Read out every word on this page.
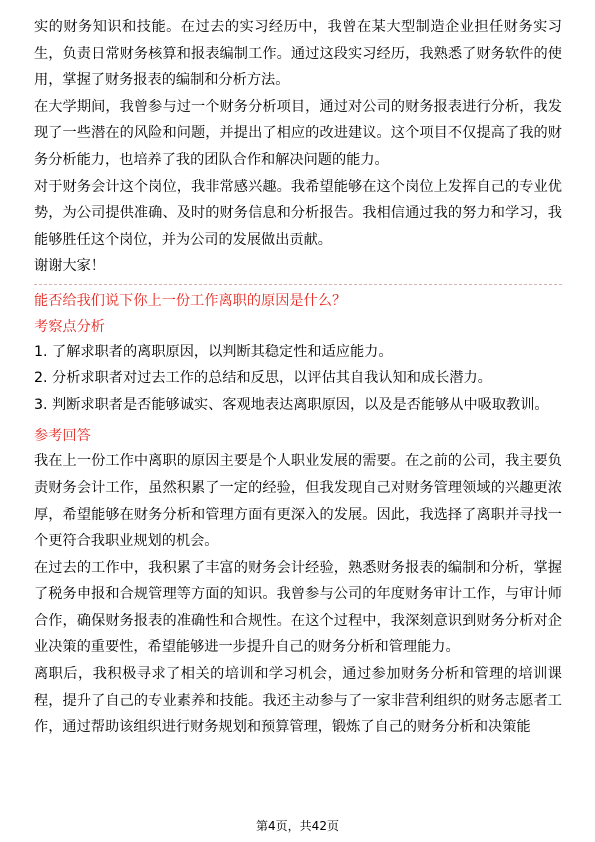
实的财务知识和技能。在过去的实习经历中，我曾在某大型制造企业担任财务实习生，负责日常财务核算和报表编制工作。通过这段实习经历，我熟悉了财务软件的使用，掌握了财务报表的编制和分析方法。

在大学期间，我曾参与过一个财务分析项目，通过对公司的财务报表进行分析，我发现了一些潜在的风险和问题，并提出了相应的改进建议。这个项目不仅提高了我的财务分析能力，也培养了我的团队合作和解决问题的能力。

对于财务会计这个岗位，我非常感兴趣。我希望能够在这个岗位上发挥自己的专业优势，为公司提供准确、及时的财务信息和分析报告。我相信通过我的努力和学习，我能够胜任这个岗位，并为公司的发展做出贡献。

谢谢大家！

能否给我们说下你上一份工作离职的原因是什么？

考察点分析

1. 了解求职者的离职原因，以判断其稳定性和适应能力。

2. 分析求职者对过去工作的总结和反思，以评估其自我认知和成长潜力。

3. 判断求职者是否能够诚实、客观地表达离职原因，以及是否能够从中吸取教训。

参考回答

我在上一份工作中离职的原因主要是个人职业发展的需要。在之前的公司，我主要负责财务会计工作，虽然积累了一定的经验，但我发现自己对财务管理领域的兴趣更浓厚，希望能够在财务分析和管理方面有更深入的发展。因此，我选择了离职并寻找一个更符合我职业规划的机会。

在过去的工作中，我积累了丰富的财务会计经验，熟悉财务报表的编制和分析，掌握了税务申报和合规管理等方面的知识。我曾参与公司的年度财务审计工作，与审计师合作，确保财务报表的准确性和合规性。在这个过程中，我深刻意识到财务分析对企业决策的重要性，希望能够进一步提升自己的财务分析和管理能力。

离职后，我积极寻求了相关的培训和学习机会，通过参加财务分析和管理的培训课程，提升了自己的专业素养和技能。我还主动参与了一家非营利组织的财务志愿者工作，通过帮助该组织进行财务规划和预算管理，锻炼了自己的财务分析和决策能

第4页，共42页
